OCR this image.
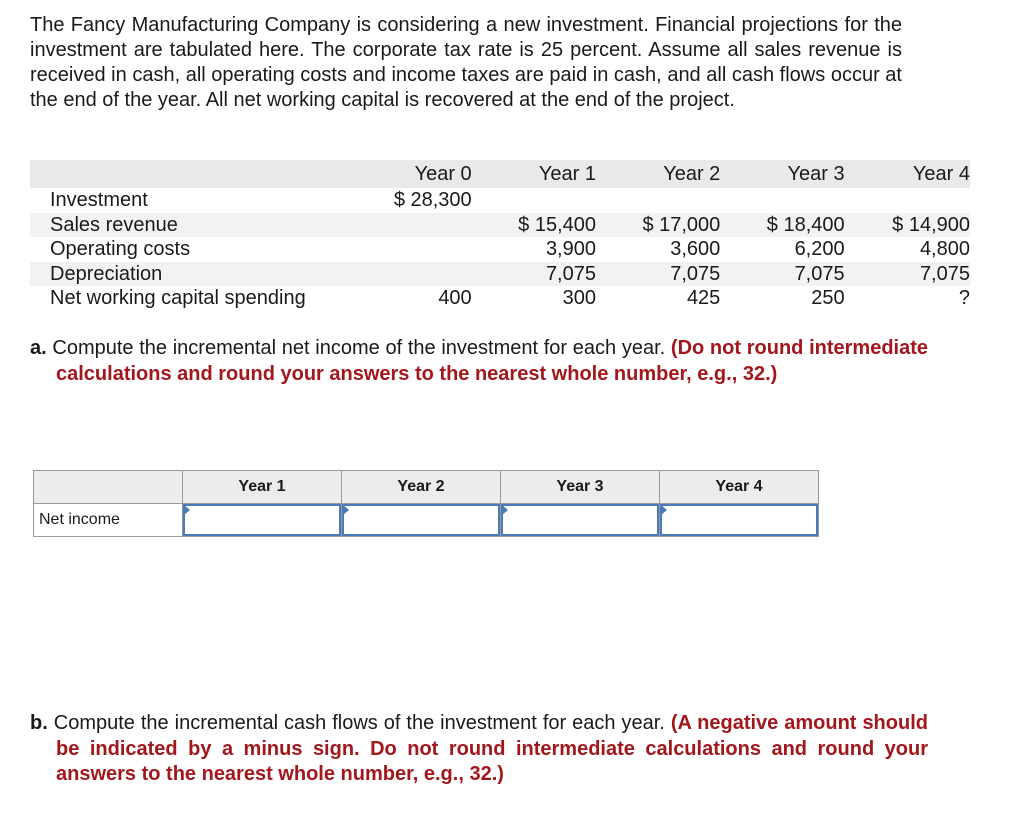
The Fancy Manufacturing Company is considering a new investment. Financial projections for the investment are tabulated here. The corporate tax rate is 25 percent. Assume all sales revenue is received in cash, all operating costs and income taxes are paid in cash, and all cash flows occur at the end of the year. All net working capital is recovered at the end of the project.

	Year 0	Year 1	Year 2	Year 3	Year 4
Investment	$ 28,300				
Sales revenue		$ 15,400	$ 17,000	$ 18,400	$ 14,900
Operating costs		3,900	3,600	6,200	4,800
Depreciation		7,075	7,075	7,075	7,075
Net working capital spending	400	300	425	250	?

a. Compute the incremental net income of the investment for each year. (Do not round intermediate calculations and round your answers to the nearest whole number, e.g., 32.)

	Year 1	Year 2	Year 3	Year 4
Net income	

b. Compute the incremental cash flows of the investment for each year. (A negative amount should be indicated by a minus sign. Do not round intermediate calculations and round your answers to the nearest whole number, e.g., 32.)
